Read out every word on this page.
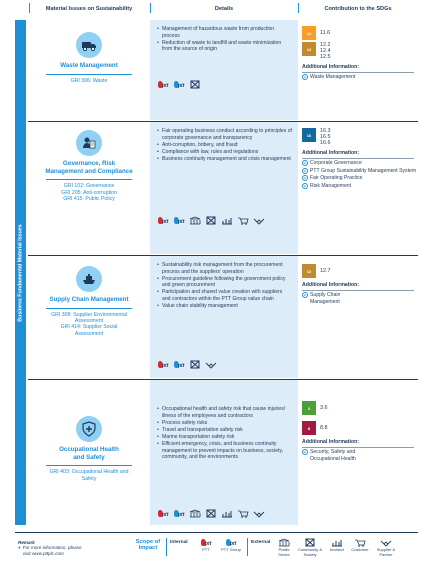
Material Issues on Sustainability	Details	Contribution to the SDGs
Business Fundamental Material Issues
Waste Management
GRI 306: Waste
• Management of hazardous waste from production process
• Reduction of waste to landfill and waste minimization from the source of origin
ptt ptt
11	11.6
12
12.2
12.4
12.5
Additional Information:
● Waste Management
Governance, Risk Management and Compliance
GRI 102: Governance
GRI 205: Anti-corruption
GRI 415: Public Policy
• Fair operating business conduct according to principles of corporate governance and transparency
• Anti-corruption, bribery, and fraud
• Compliance with law, rules and regulations
• Business continuity management and crisis management
ptt ptt
16
16.3
16.5
16.6
Additional Information:
● Corporate Governance
● PTT Group Sustainability Management System
● Fair Operating Practice
● Risk Management
Supply Chain Management
GRI 308: Supplier Environmental Assessment
GRI 414: Supplier Social Assessment
• Sustainability risk management from the procurement process and the suppliers' operation
• Procurement guideline following the government policy and green procurement
• Participation and shared value creation with suppliers and contractors within the PTT Group value chain
• Value chain stability management
ptt ptt
12	12.7
Additional Information:
● Supply Chain Management
Occupational Health and Safety
GRI 403: Occupational Health and Safety
• Occupational health and safety risk that cause injuries/ illness of the employees and contractors
• Process safety risks
• Travel and transportation safety risk
• Marine transportation safety risk
• Efficient emergency, crisis, and business continuity management to prevent impacts on business, society, community, and the environments
ptt ptt
3	3.6
8	8.8
Additional Information:
● Security, Safety and Occupational Health
Remark
● For more information, please visit www.pttplc.com
Scope of Impact
Internal	ptt
PTT
ptt
PTT Group
External
Public Sector
Community & Society
Investor Customer	Supplier & Partner
